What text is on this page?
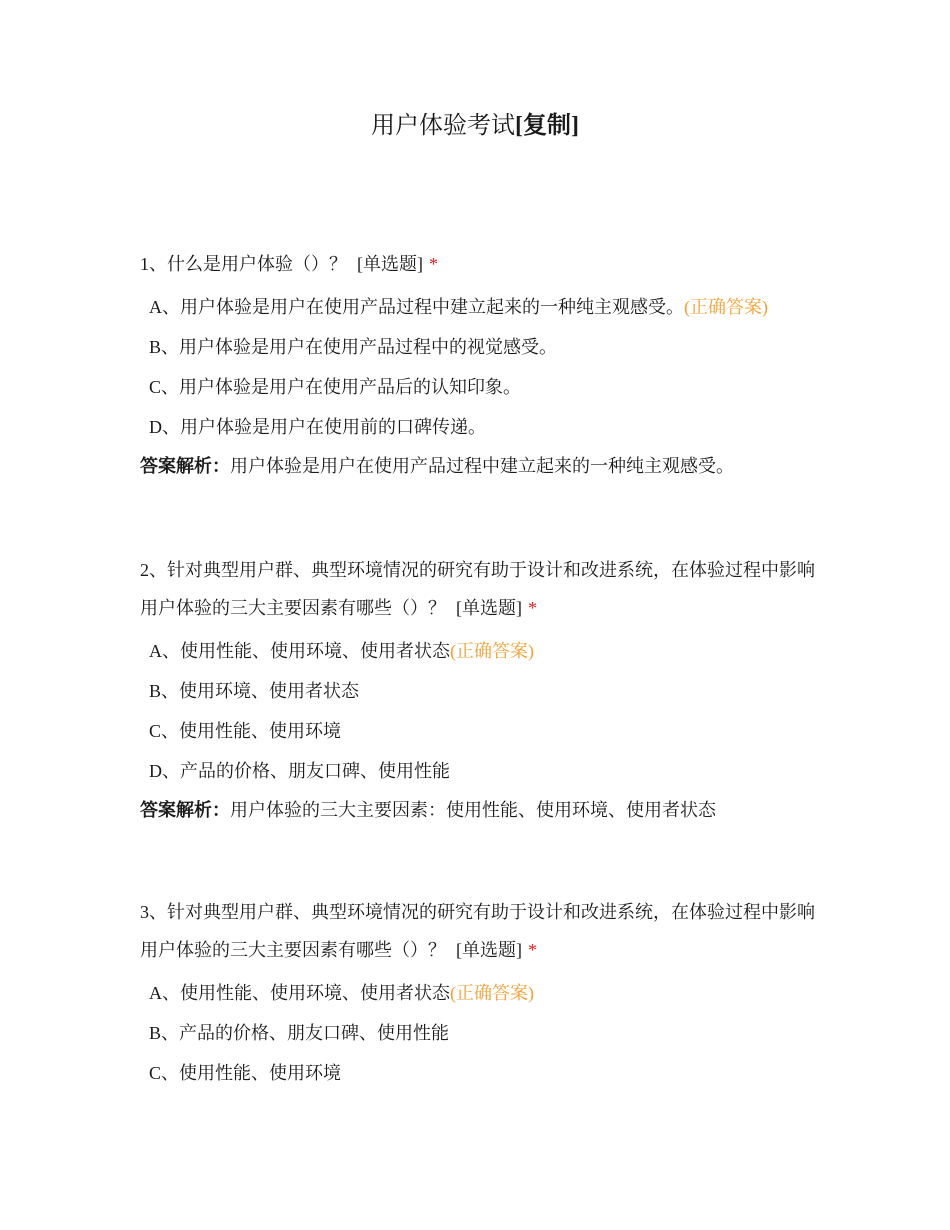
用户体验考试[复制]
1、什么是用户体验（）？ [单选题] *
A、用户体验是用户在使用产品过程中建立起来的一种纯主观感受。(正确答案)
B、用户体验是用户在使用产品过程中的视觉感受。
C、用户体验是用户在使用产品后的认知印象。
D、用户体验是用户在使用前的口碑传递。
答案解析：用户体验是用户在使用产品过程中建立起来的一种纯主观感受。
2、针对典型用户群、典型环境情况的研究有助于设计和改进系统，在体验过程中影响用户体验的三大主要因素有哪些（）？ [单选题] *
A、使用性能、使用环境、使用者状态(正确答案)
B、使用环境、使用者状态
C、使用性能、使用环境
D、产品的价格、朋友口碑、使用性能
答案解析：用户体验的三大主要因素：使用性能、使用环境、使用者状态
3、针对典型用户群、典型环境情况的研究有助于设计和改进系统，在体验过程中影响用户体验的三大主要因素有哪些（）？ [单选题] *
A、使用性能、使用环境、使用者状态(正确答案)
B、产品的价格、朋友口碑、使用性能
C、使用性能、使用环境
